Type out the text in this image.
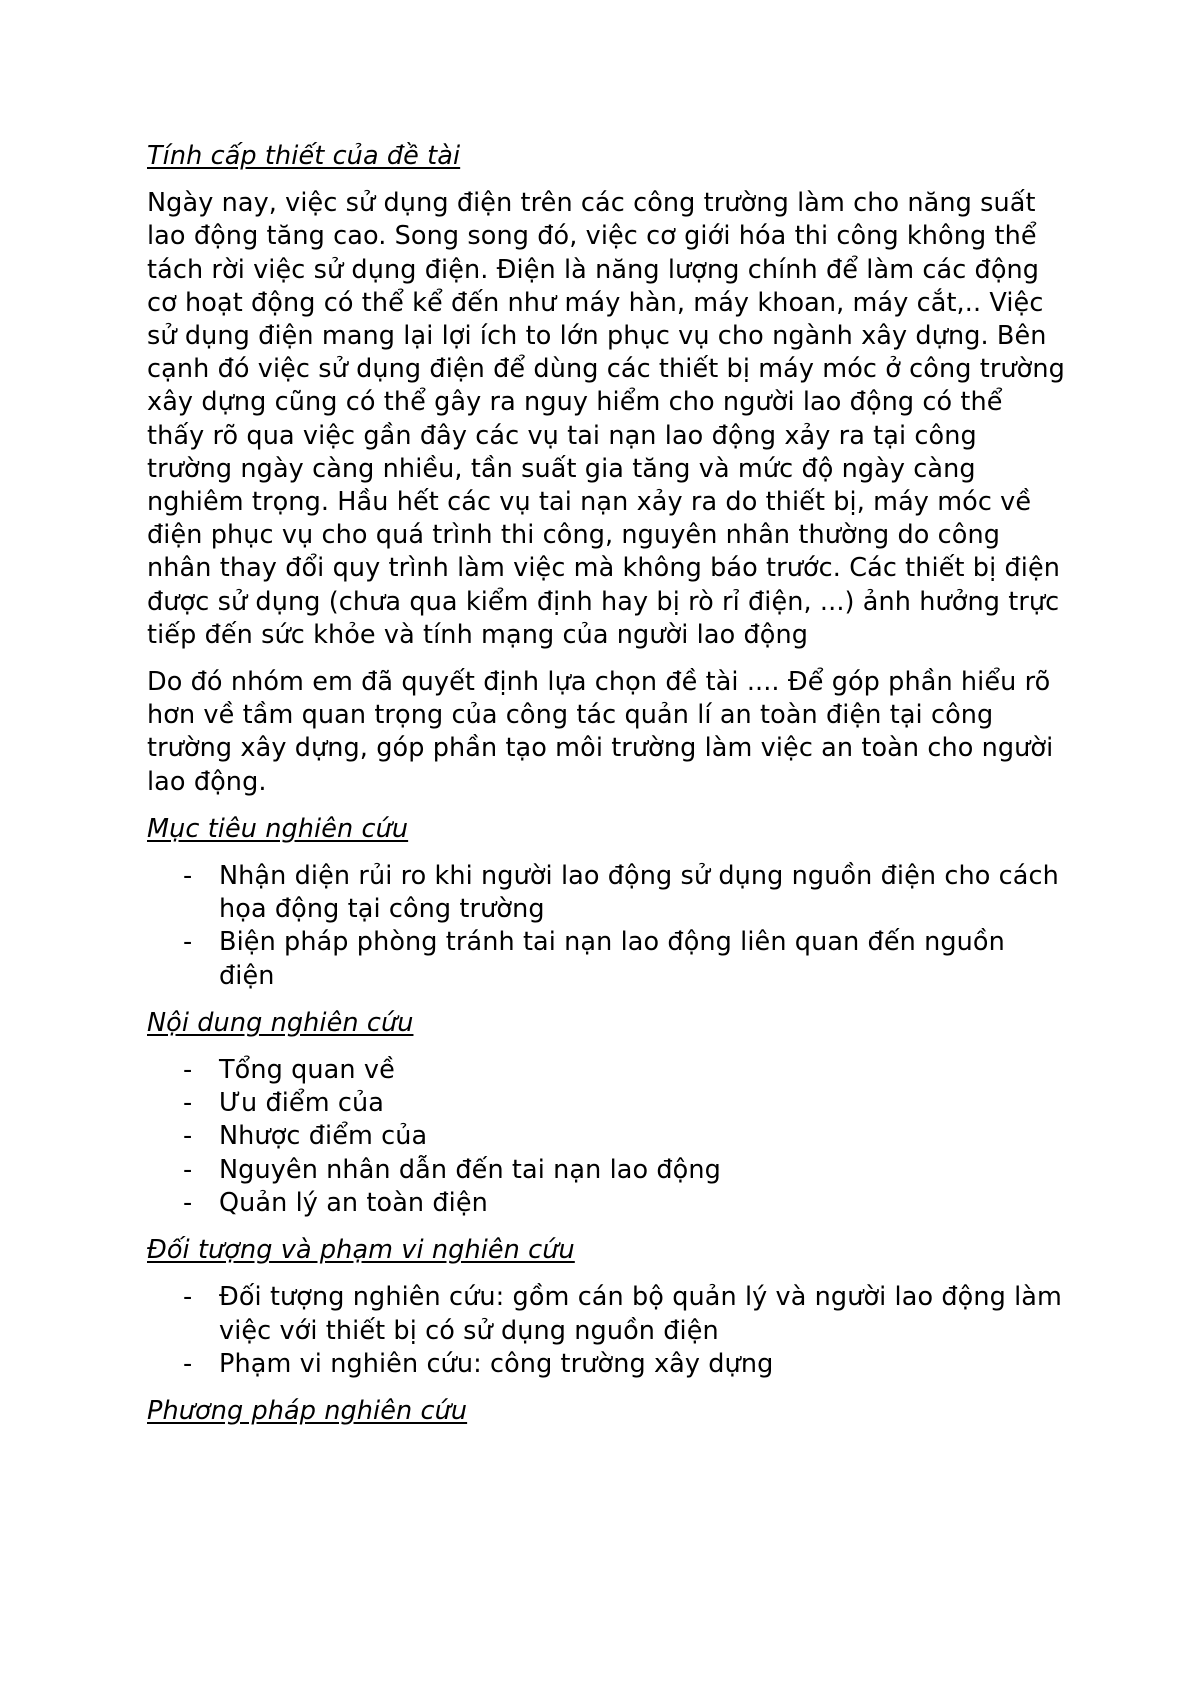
Tính cấp thiết của đề tài

Ngày nay, việc sử dụng điện trên các công trường làm cho năng suất lao động tăng cao. Song song đó, việc cơ giới hóa thi công không thể tách rời việc sử dụng điện. Điện là năng lượng chính để làm các động cơ hoạt động có thể kể đến như máy hàn, máy khoan, máy cắt,.. Việc sử dụng điện mang lại lợi ích to lớn phục vụ cho ngành xây dựng. Bên cạnh đó việc sử dụng điện để dùng các thiết bị máy móc ở công trường xây dựng cũng có thể gây ra nguy hiểm cho người lao động có thể thấy rõ qua việc gần đây các vụ tai nạn lao động xảy ra tại công trường ngày càng nhiều, tần suất gia tăng và mức độ ngày càng nghiêm trọng. Hầu hết các vụ tai nạn xảy ra do thiết bị, máy móc về điện phục vụ cho quá trình thi công, nguyên nhân thường do công nhân thay đổi quy trình làm việc mà không báo trước. Các thiết bị điện được sử dụng (chưa qua kiểm định hay bị rò rỉ điện, ...) ảnh hưởng trực tiếp đến sức khỏe và tính mạng của người lao động

Do đó nhóm em đã quyết định lựa chọn đề tài .... Để góp phần hiểu rõ hơn về tầm quan trọng của công tác quản lí an toàn điện tại công trường xây dựng, góp phần tạo môi trường làm việc an toàn cho người lao động.

Mục tiêu nghiên cứu
- Nhận diện rủi ro khi người lao động sử dụng nguồn điện cho cách họa động tại công trường
- Biện pháp phòng tránh tai nạn lao động liên quan đến nguồn điện
Nội dung nghiên cứu
- Tổng quan về
- Ưu điểm của
- Nhược điểm của
- Nguyên nhân dẫn đến tai nạn lao động
- Quản lý an toàn điện
Đối tượng và phạm vi nghiên cứu
- Đối tượng nghiên cứu: gồm cán bộ quản lý và người lao động làm việc với thiết bị có sử dụng nguồn điện
- Phạm vi nghiên cứu: công trường xây dựng
Phương pháp nghiên cứu
